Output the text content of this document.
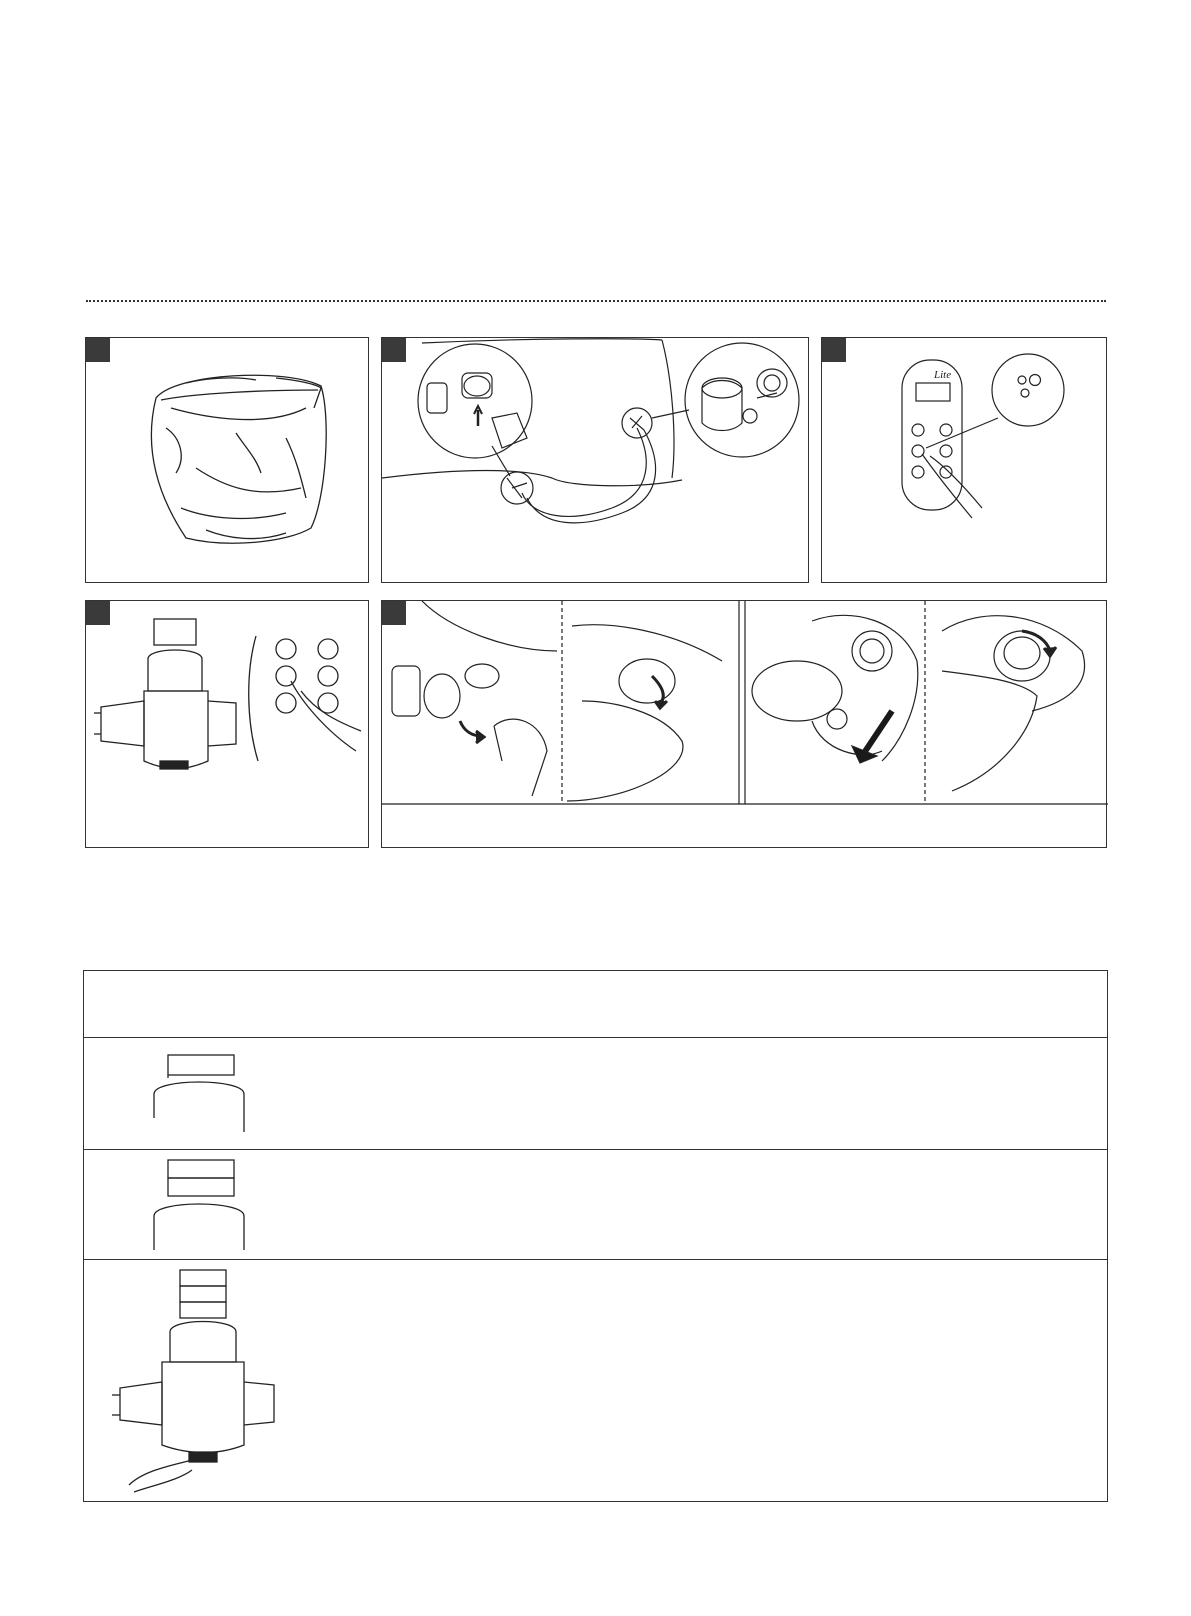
Lite
